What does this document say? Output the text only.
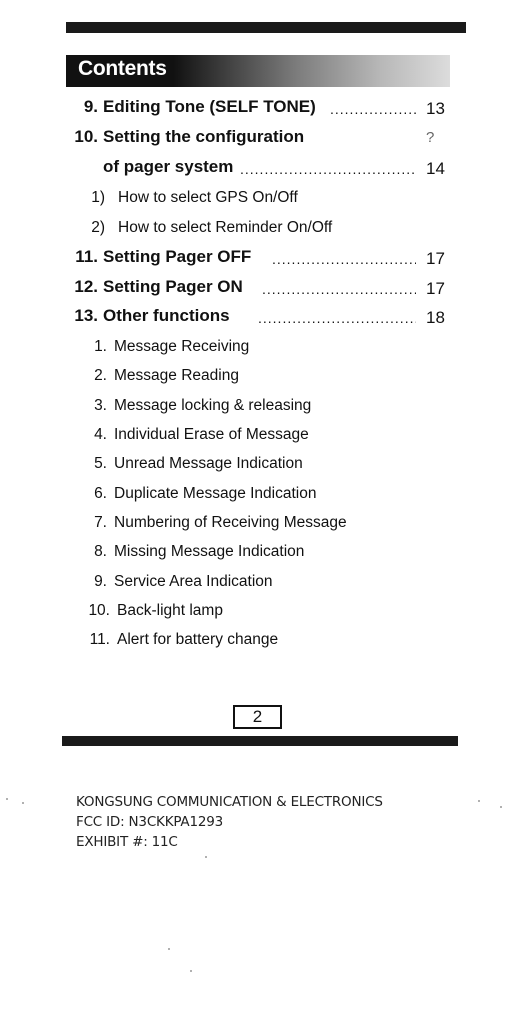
Contents
9. Editing Tone (SELF TONE) .....	13
10. Setting the configuration	?
of pager system .....	14
1) How to select GPS On/Off
2) How to select Reminder On/Off
11. Setting Pager OFF .....	17
12. Setting Pager ON .....	17
13. Other functions .....	18
1. Message Receiving
2. Message Reading
3. Message locking & releasing
4. Individual Erase of Message
5. Unread Message Indication
6. Duplicate Message Indication
7. Numbering of Receiving Message
8. Missing Message Indication
9. Service Area Indication
10. Back-light lamp
11. Alert for battery change
2
KONGSUNG COMMUNICATION & ELECTRONICS
FCC ID: N3CKKPA1293
EXHIBIT #: 11C
